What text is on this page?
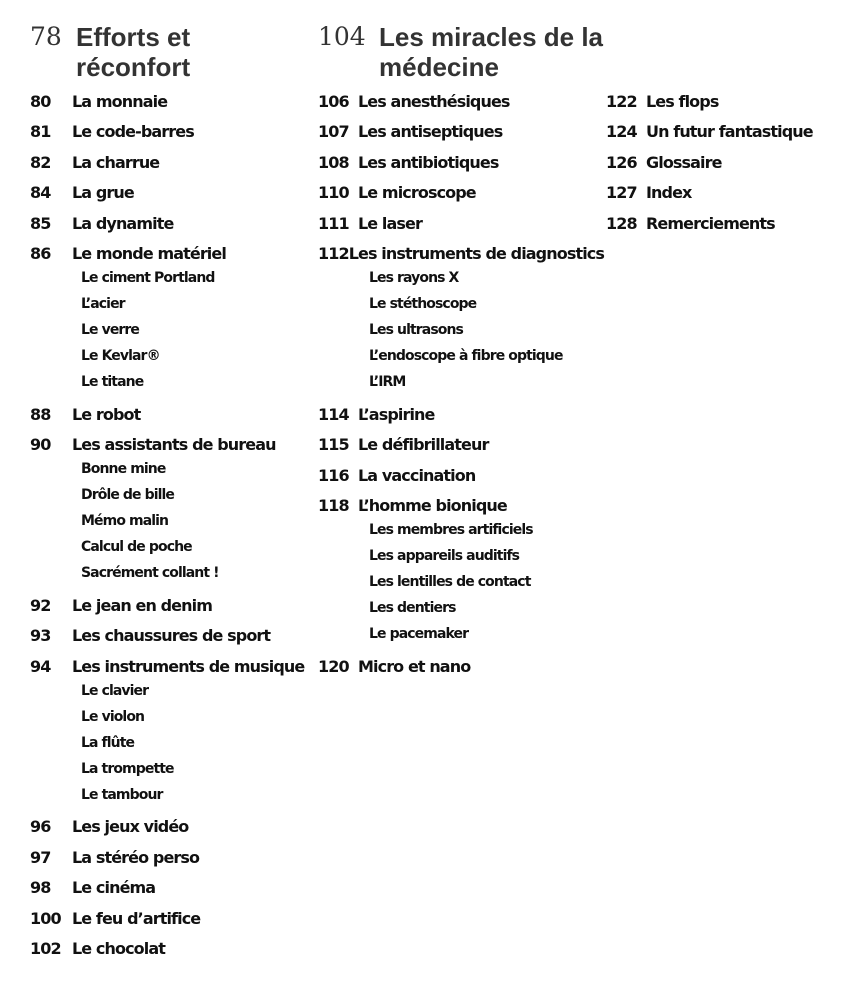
78 Efforts et réconfort
80	La monnaie
81	Le code-barres
82	La charrue
84	La grue
85	La dynamite
86	Le monde matériel
Le ciment Portland
L’acier
Le verre
Le Kevlar®
Le titane
88	Le robot
90	Les assistants de bureau
Bonne mine
Drôle de bille
Mémo malin
Calcul de poche
Sacrément collant !
92	Le jean en denim
93	Les chaussures de sport
94	Les instruments de musique
Le clavier
Le violon
La flûte
La trompette
Le tambour
96	Les jeux vidéo
97	La stéréo perso
98	Le cinéma
100 Le feu d’artifice
102 Le chocolat
104 Les miracles de la médecine
106 Les anesthésiques
107 Les antiseptiques
108 Les antibiotiques
110 Le microscope
111 Le laser
112 Les instruments de diagnostics
Les rayons X
Le stéthoscope
Les ultrasons
L’endoscope à fibre optique
L’IRM
114 L’aspirine
115 Le défibrillateur
116 La vaccination
118 L’homme bionique
Les membres artificiels
Les appareils auditifs
Les lentilles de contact
Les dentiers
Le pacemaker
120 Micro et nano
122 Les flops
124 Un futur fantastique
126 Glossaire
127 Index
128 Remerciements
